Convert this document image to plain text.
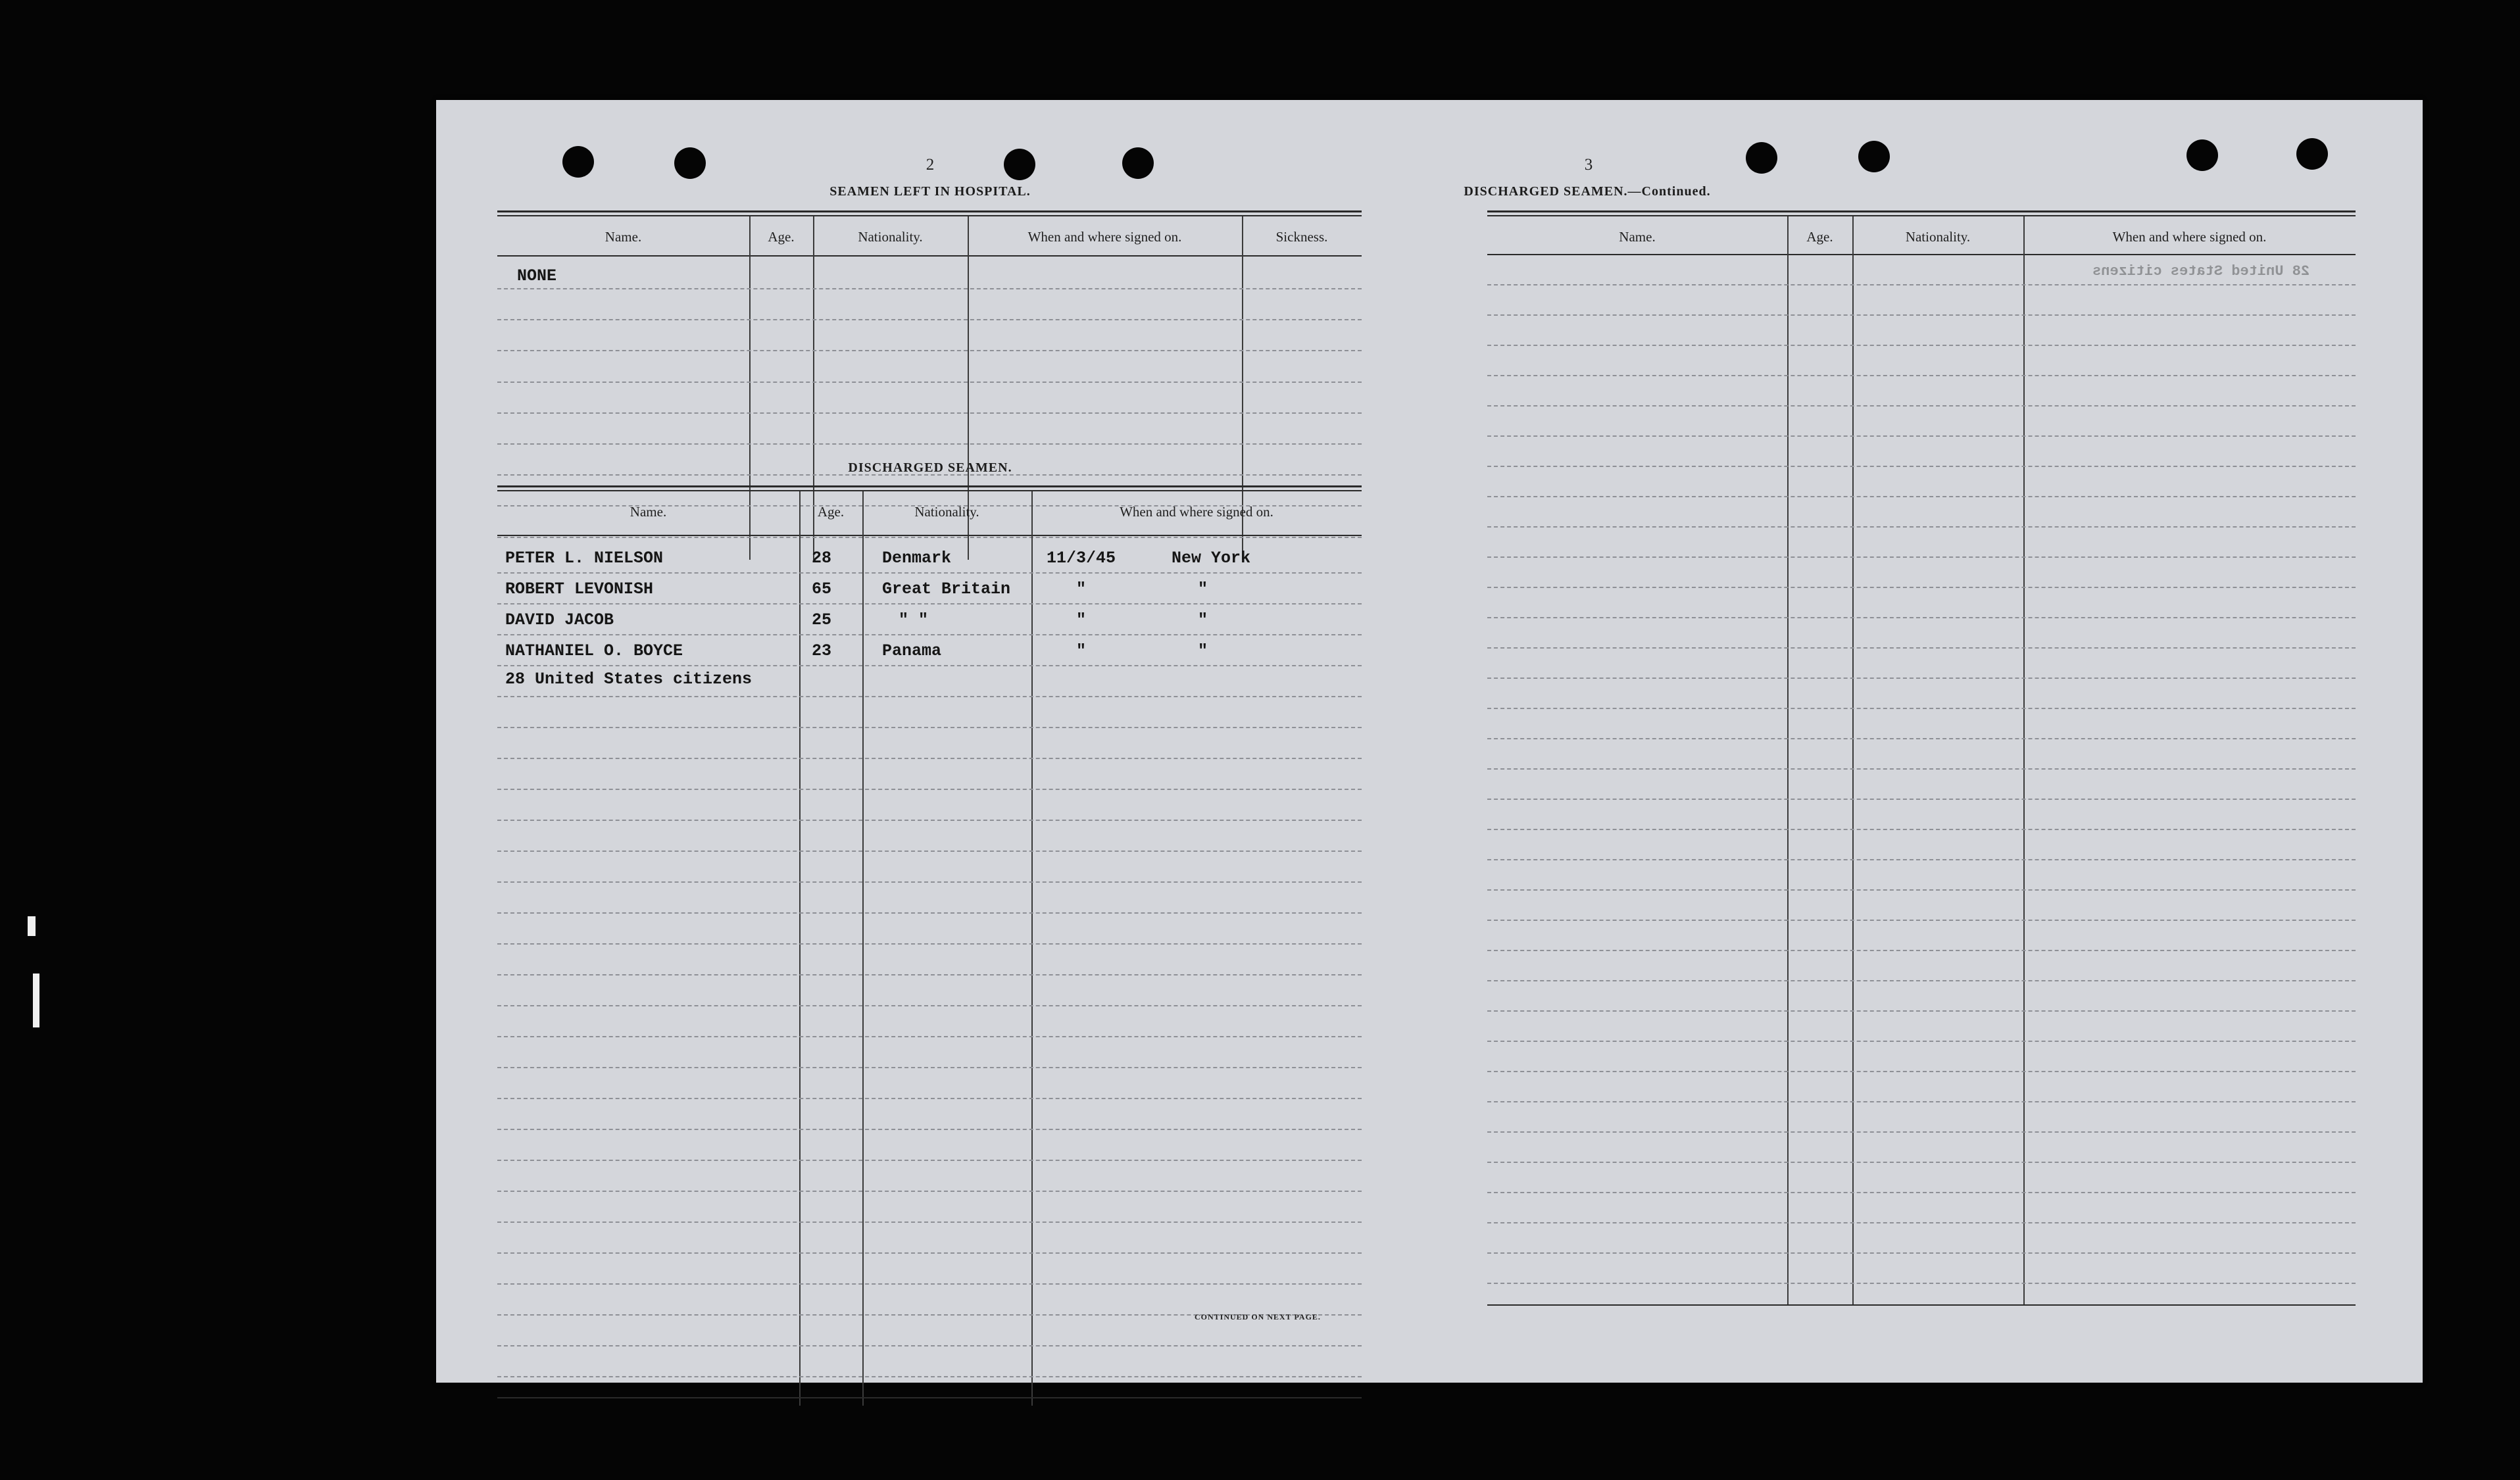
2
SEAMEN LEFT IN HOSPITAL.
Name.	Age.	Nationality.	When and where signed on.	Sickness.
NONE
DISCHARGED SEAMEN.
Name.	Age.	Nationality.	When and where signed on.
PETER L. NIELSON	28	Denmark	11/3/45	New York
ROBERT LEVONISH	65	Great Britain	"	"
DAVID JACOB	25	" "	"	"
NATHANIEL O. BOYCE	23	Panama	"	"
28 United States citizens
CONTINUED ON NEXT PAGE.
3
DISCHARGED SEAMEN.—Continued.
Name.	Age.	Nationality.	When and where signed on.
28 United States citizens
